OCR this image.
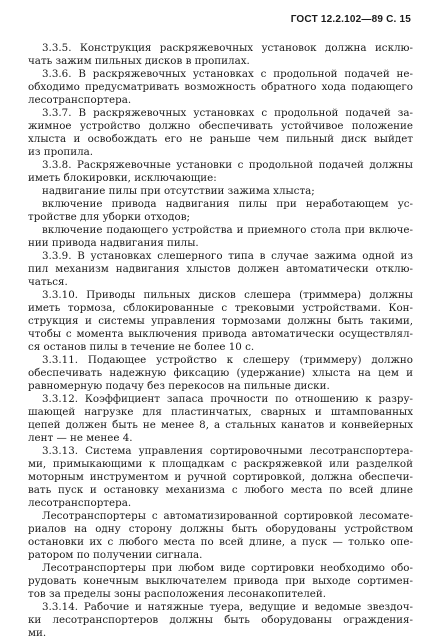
ГОСТ 12.2.102—89 С. 15
3.3.5. Конструкция раскряжевочных установок должна исклю-
чать зажим пильных дисков в пропилах.
3.3.6. В раскряжевочных установках с продольной подачей не-
обходимо предусматривать возможность обратного хода подающего
лесотранспортера.
3.3.7. В раскряжевочных установках с продольной подачей за-
жимное устройство должно обеспечивать устойчивое положение
хлыста и освобождать его не раньше чем пильный диск выйдет
из пропила.
3.3.8. Раскряжевочные установки с продольной подачей должны
иметь блокировки, исключающие:
надвигание пилы при отсутствии зажима хлыста;
включение привода надвигания пилы при неработающем ус-
тройстве для уборки отходов;
включение подающего устройства и приемного стола при включе-
нии привода надвигания пилы.
3.3.9. В установках слешерного типа в случае зажима одной из
пил механизм надвигания хлыстов должен автоматически отклю-
чаться.
3.3.10. Приводы пильных дисков слешера (триммера) должны
иметь тормоза, сблокированные с трековыми устройствами. Кон-
струкция и системы управления тормозами должны быть такими,
чтобы с момента выключения привода автоматически осуществлял-
ся останов пилы в течение не более 10 с.
3.3.11. Подающее устройство к слешеру (триммеру) должно
обеспечивать надежную фиксацию (удержание) хлыста на цем и
равномерную подачу без перекосов на пильные диски.
3.3.12. Коэффициент запаса прочности по отношению к разру-
шающей нагрузке для пластинчатых, сварных и штампованных
цепей должен быть не менее 8, а стальных канатов и конвейерных
лент — не менее 4.
3.3.13. Система управления сортировочными лесотранспортера-
ми, примыкающими к площадкам с раскряжевкой или разделкой
моторным инструментом и ручной сортировкой, должна обеспечи-
вать пуск и остановку механизма с любого места по всей длине
лесотранспортера.
Лесотранспортеры с автоматизированной сортировкой лесомате-
риалов на одну сторону должны быть оборудованы устройством
остановки их с любого места по всей длине, а пуск — только опе-
ратором по получении сигнала.
Лесотранспортеры при любом виде сортировки необходимо обо-
рудовать конечным выключателем привода при выходе сортимен-
тов за пределы зоны расположения лесонакопителей.
3.3.14. Рабочие и натяжные туера, ведущие и ведомые звездоч-
ки лесотранспортеров должны быть оборудованы ограждения-
ми.
